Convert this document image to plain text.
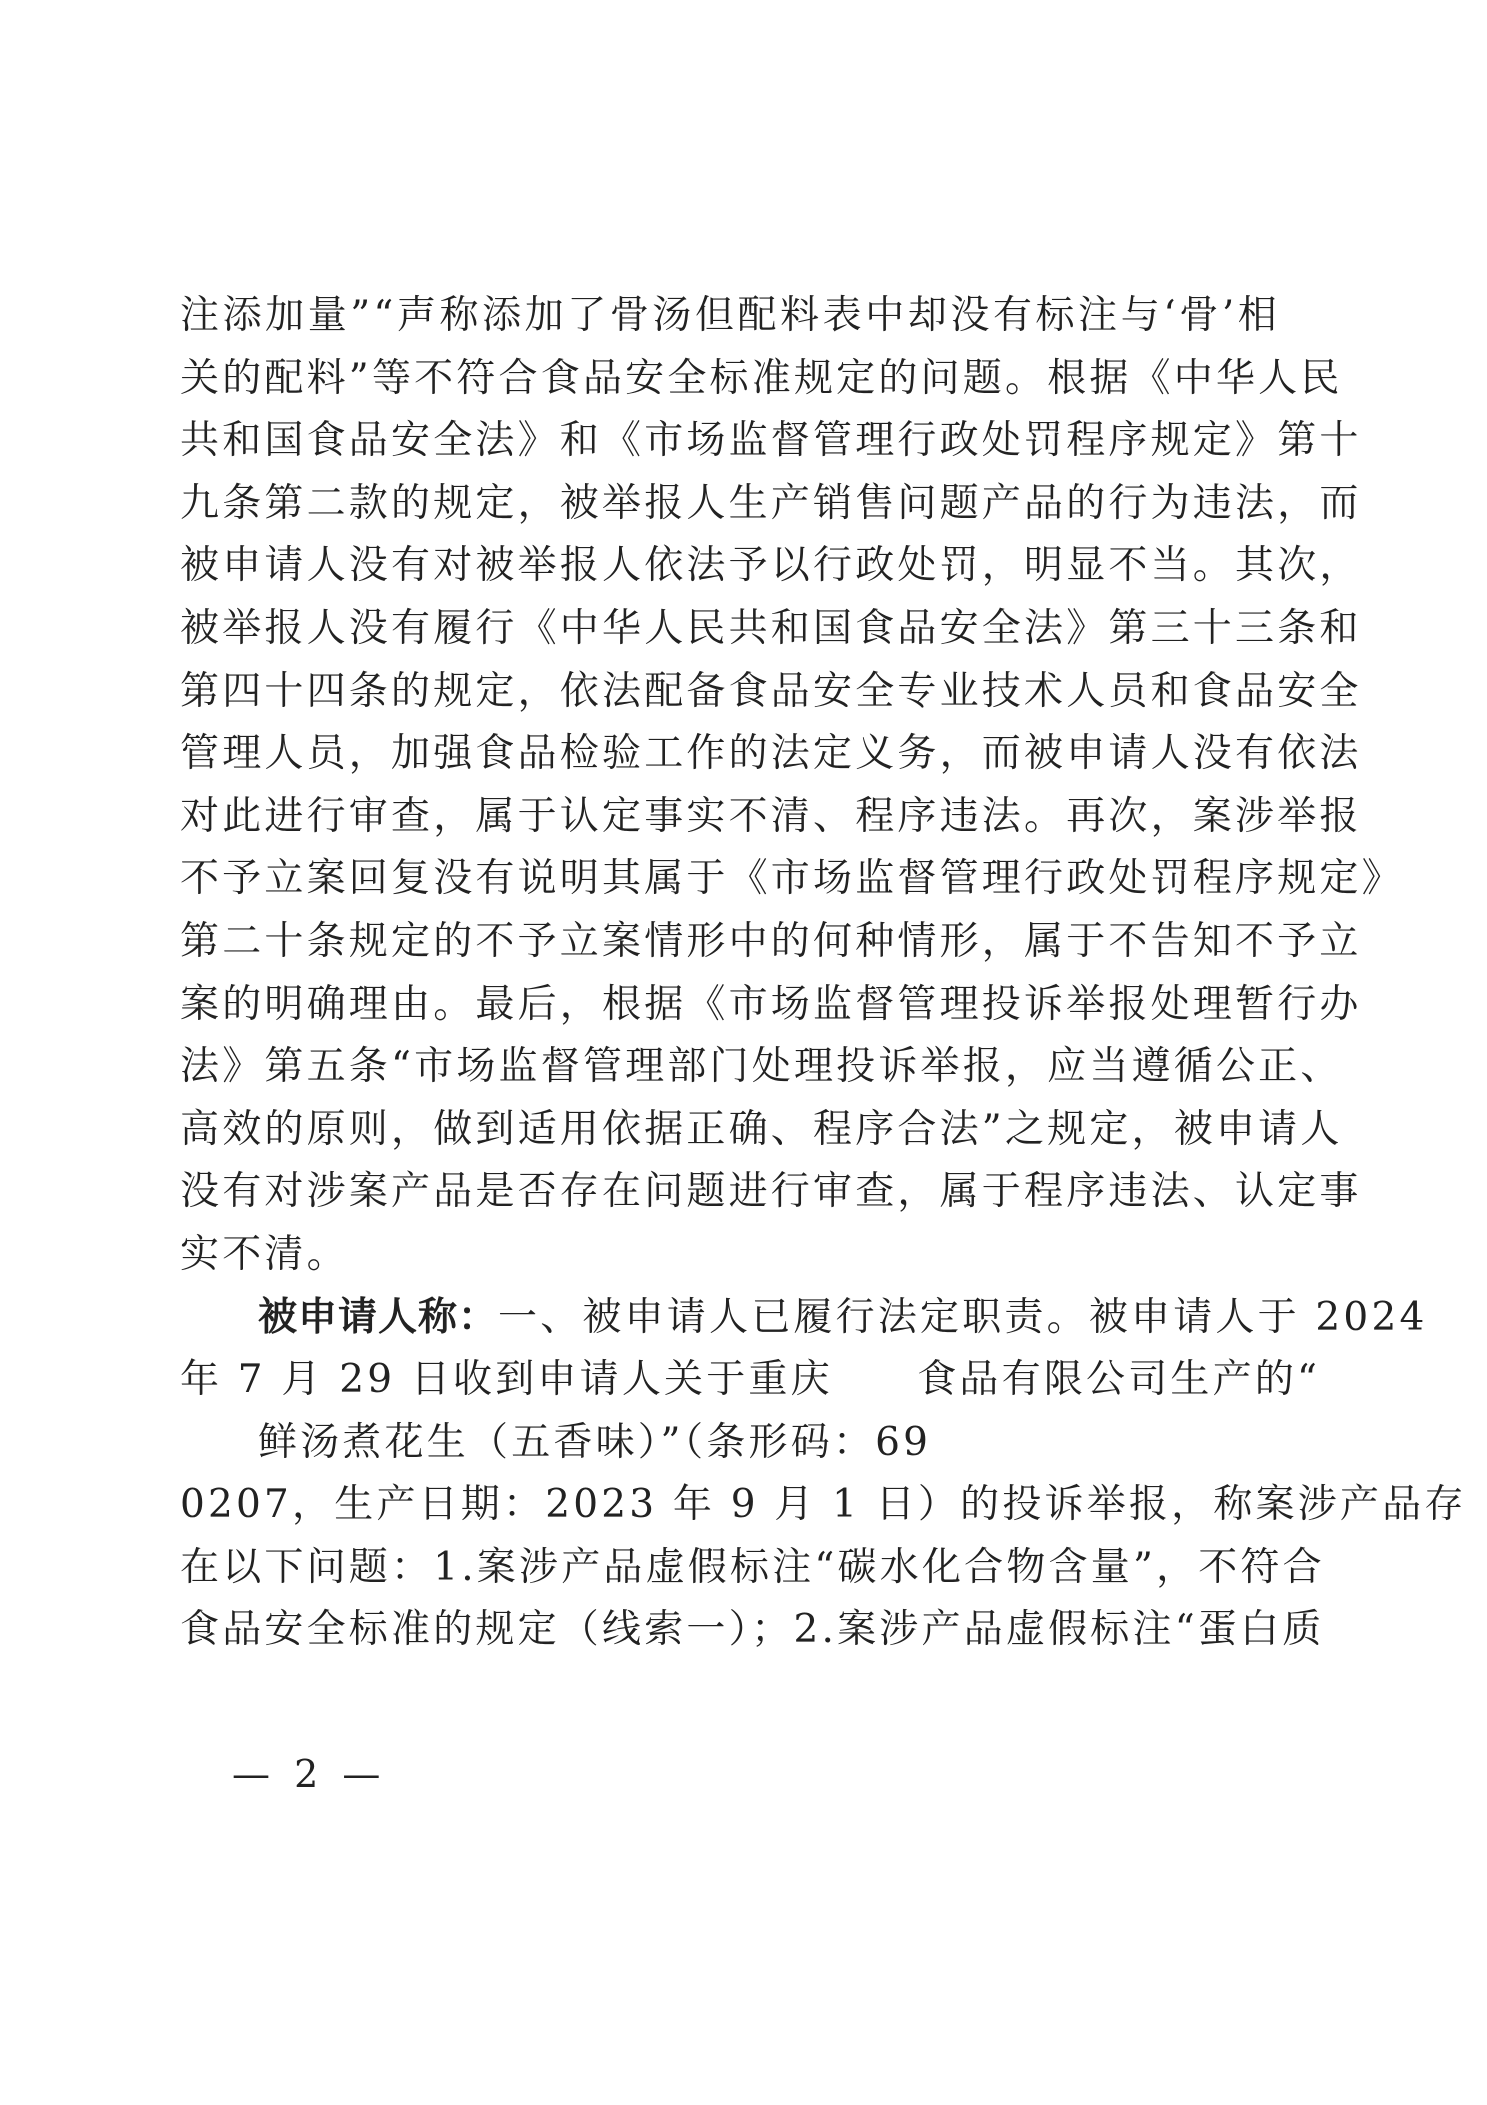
注添加量”“声称添加了骨汤但配料表中却没有标注与‘骨’相
关的配料”等不符合食品安全标准规定的问题。根据《中华人民
共和国食品安全法》和《市场监督管理行政处罚程序规定》第十
九条第二款的规定，被举报人生产销售问题产品的行为违法，而
被申请人没有对被举报人依法予以行政处罚，明显不当。其次，
被举报人没有履行《中华人民共和国食品安全法》第三十三条和
第四十四条的规定，依法配备食品安全专业技术人员和食品安全
管理人员，加强食品检验工作的法定义务，而被申请人没有依法
对此进行审查，属于认定事实不清、程序违法。再次，案涉举报
不予立案回复没有说明其属于《市场监督管理行政处罚程序规定》
第二十条规定的不予立案情形中的何种情形，属于不告知不予立
案的明确理由。最后，根据《市场监督管理投诉举报处理暂行办
法》第五条“市场监督管理部门处理投诉举报，应当遵循公正、
高效的原则，做到适用依据正确、程序合法”之规定，被申请人
没有对涉案产品是否存在问题进行审查，属于程序违法、认定事
实不清。
被申请人称：一、被申请人已履行法定职责。被申请人于 2024
年 7 月 29 日收到申请人关于重庆　　食品有限公司生产的“
鲜汤煮花生（五香味）”（条形码：69
0207，生产日期：2023 年 9 月 1 日）的投诉举报，称案涉产品存
在以下问题：1.案涉产品虚假标注“碳水化合物含量”，不符合
食品安全标准的规定（线索一）；2.案涉产品虚假标注“蛋白质
— 2 —
